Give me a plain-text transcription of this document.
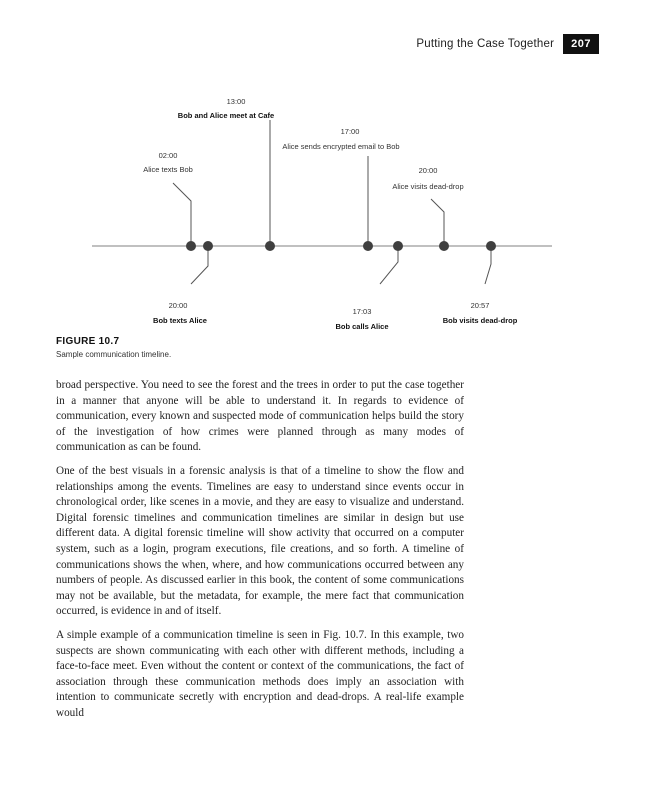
Putting the Case Together	207
02:00
Alice texts Bob
20:00
Bob texts Alice
13:00
Bob and Alice meet at Cafe
17:00
Alice sends encrypted email to Bob
17:03
Bob calls Alice
20:00
Alice visits dead-drop
20:57
Bob visits dead-drop
FIGURE 10.7
Sample communication timeline.

broad perspective. You need to see the forest and the trees in order to put the case together in a manner that anyone will be able to understand it. In regards to evidence of communication, every known and suspected mode of communication helps build the story of the investigation of how crimes were planned through as many modes of communication as can be found.

One of the best visuals in a forensic analysis is that of a timeline to show the flow and relationships among the events. Timelines are easy to understand since events occur in chronological order, like scenes in a movie, and they are easy to visualize and understand. Digital forensic timelines and communication timelines are similar in design but use different data. A digital forensic timeline will show activity that occurred on a computer system, such as a login, program executions, file creations, and so forth. A timeline of communications shows the when, where, and how communications occurred between any numbers of people. As discussed earlier in this book, the content of some communications may not be available, but the metadata, for example, the mere fact that communication occurred, is evidence in and of itself.

A simple example of a communication timeline is seen in Fig. 10.7. In this example, two suspects are shown communicating with each other with different methods, including a face-to-face meet. Even without the content or context of the communications, the fact of association through these communication methods does imply an association with intention to communicate secretly with encryption and dead-drops. A real-life example would
